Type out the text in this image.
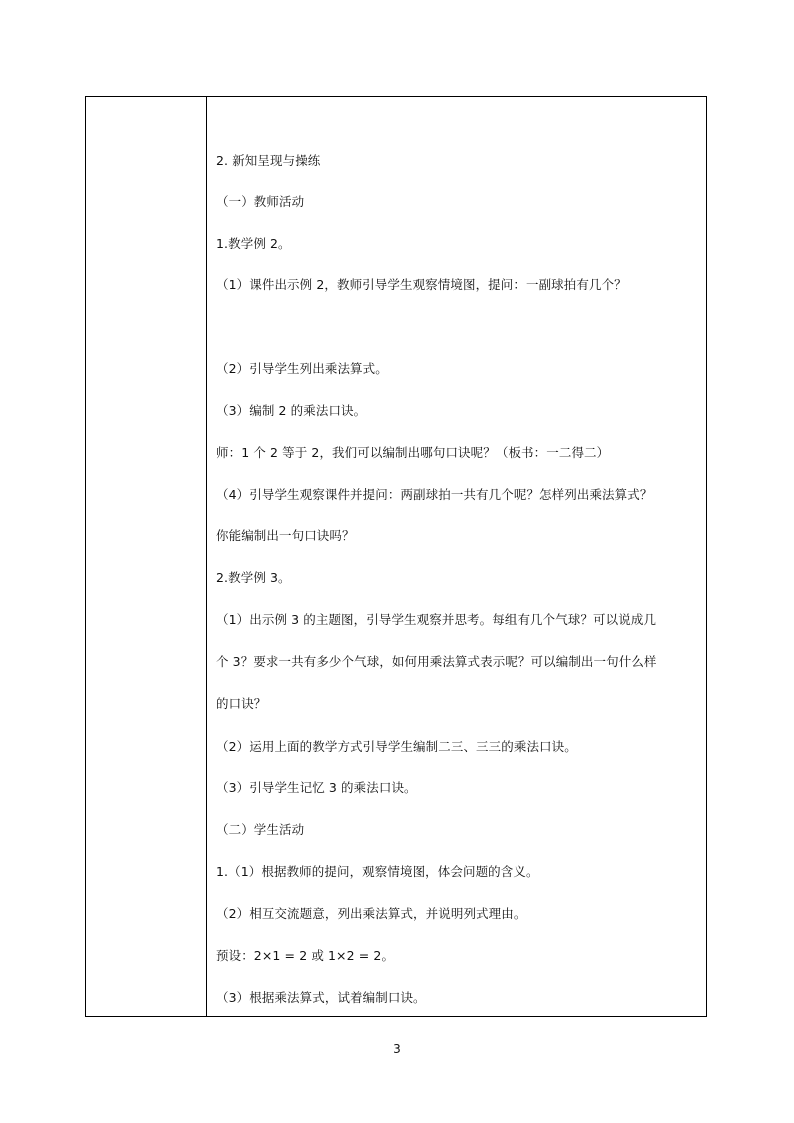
2. 新知呈现与操练
（一）教师活动
1.教学例 2。
（1）课件出示例 2，教师引导学生观察情境图，提问：一副球拍有几个？
（2）引导学生列出乘法算式。
（3）编制 2 的乘法口诀。
师：1 个 2 等于 2，我们可以编制出哪句口诀呢？（板书：一二得二）
（4）引导学生观察课件并提问：两副球拍一共有几个呢？怎样列出乘法算式？
你能编制出一句口诀吗？
2.教学例 3。
（1）出示例 3 的主题图，引导学生观察并思考。每组有几个气球？可以说成几
个 3？要求一共有多少个气球，如何用乘法算式表示呢？可以编制出一句什么样
的口诀？
（2）运用上面的教学方式引导学生编制二三、三三的乘法口诀。
（3）引导学生记忆 3 的乘法口诀。
（二）学生活动
1.（1）根据教师的提问，观察情境图，体会问题的含义。
（2）相互交流题意，列出乘法算式，并说明列式理由。
预设：2×1 = 2 或 1×2 = 2。
（3）根据乘法算式，试着编制口诀。
3
